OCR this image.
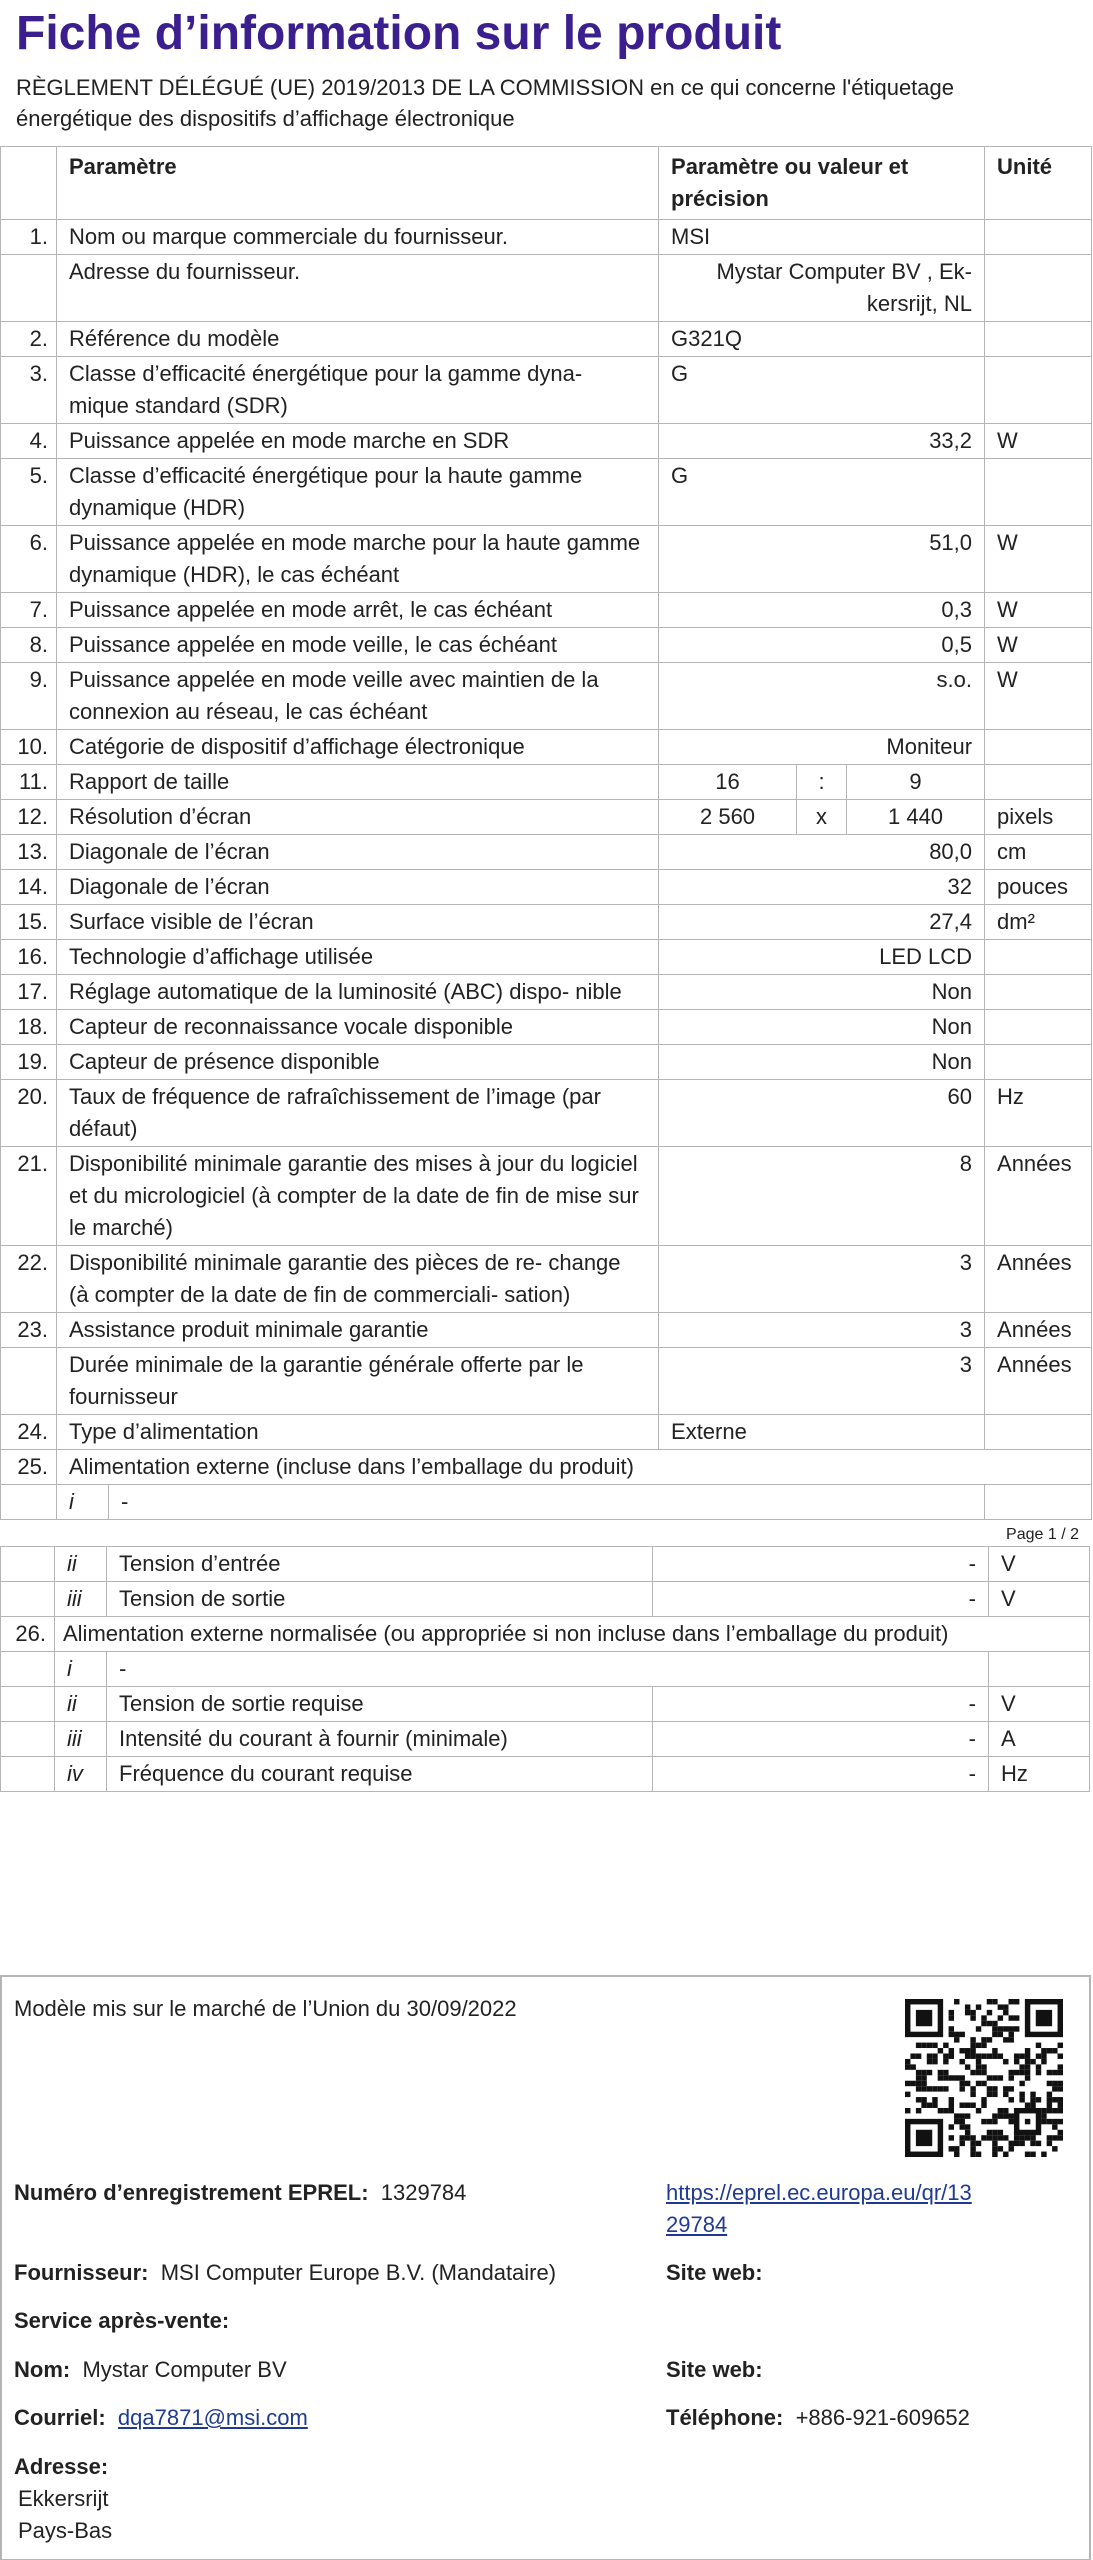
Fiche d’information sur le produit
RÈGLEMENT DÉLÉGUÉ (UE) 2019/2013 DE LA COMMISSION en ce qui concerne l'étiquetage
énergétique des dispositifs d’affichage électronique
	Paramètre		Paramètre ou valeur et précision			Unité
1.	Nom ou marque commerciale du fournisseur.		MSI			
	Adresse du fournisseur.		Mystar Computer BV , Ek- kersrijt, NL			
2.	Référence du modèle		G321Q			
3.	Classe d’efficacité énergétique pour la gamme dyna- mique standard (SDR)		G			
4.	Puissance appelée en mode marche en SDR		33,2			W
5.	Classe d’efficacité énergétique pour la haute gamme dynamique (HDR)		G			
6.	Puissance appelée en mode marche pour la haute gamme dynamique (HDR), le cas échéant		51,0			W
7.	Puissance appelée en mode arrêt, le cas échéant		0,3			W
8.	Puissance appelée en mode veille, le cas échéant		0,5			W
9.	Puissance appelée en mode veille avec maintien de la connexion au réseau, le cas échéant		s.o.			W
10.	Catégorie de dispositif d’affichage électronique		Moniteur			
11.	Rapport de taille		16	:	9	
12.	Résolution d’écran		2 560	x	1 440	pixels
13.	Diagonale de l’écran		80,0			cm
14.	Diagonale de l’écran		32			pouces
15.	Surface visible de l’écran		27,4			dm²
16.	Technologie d’affichage utilisée		LED LCD			
17.	Réglage automatique de la luminosité (ABC) dispo- nible		Non			
18.	Capteur de reconnaissance vocale disponible		Non			
19.	Capteur de présence disponible		Non			
20.	Taux de fréquence de rafraîchissement de l’image (par défaut)		60			Hz
21.	Disponibilité minimale garantie des mises à jour du logiciel et du micrologiciel (à compter de la date de fin de mise sur le marché)		8			Années
22.	Disponibilité minimale garantie des pièces de re- change (à compter de la date de fin de commerciali- sation)		3			Années
23.	Assistance produit minimale garantie		3			Années
	Durée minimale de la garantie générale offerte par le fournisseur		3			Années
24.	Type d’alimentation		Externe			
25.	Alimentation externe (incluse dans l’emballage du produit)					
	i	-				
Page 1 / 2
	ii	Tension d’entrée	-	V
	iii	Tension de sortie	-	V
26.	Alimentation externe normalisée (ou appropriée si non incluse dans l’emballage du produit)			
	i	-		
	ii	Tension de sortie requise	-	V
	iii	Intensité du courant à fournir (minimale)	-	A
	iv	Fréquence du courant requise	-	Hz
Modèle mis sur le marché de l’Union du 30/09/2022
Numéro d’enregistrement EPREL: 1329784	https://eprel.ec.europa.eu/qr/13
29784
Fournisseur: MSI Computer Europe B.V. (Mandataire)	Site web:
Service après-vente:
Nom: Mystar Computer BV	Site web:
Courriel: dqa7871@msi.com	Téléphone: +886-921-609652
Adresse:
Ekkersrijt
Pays-Bas
